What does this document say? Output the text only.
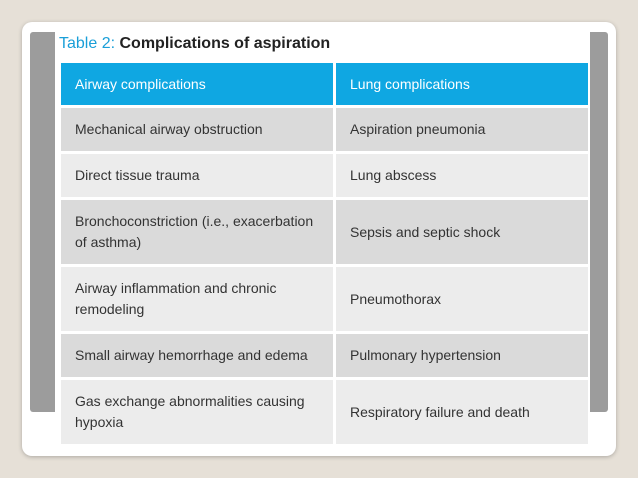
Table 2: Complications of aspiration
Airway complications	Lung complications
Mechanical airway obstruction	Aspiration pneumonia
Direct tissue trauma	Lung abscess
Bronchoconstriction (i.e., exacerbation of asthma)	Sepsis and septic shock
Airway inflammation and chronic remodeling	Pneumothorax
Small airway hemorrhage and edema	Pulmonary hypertension
Gas exchange abnormalities causing hypoxia	Respiratory failure and death
